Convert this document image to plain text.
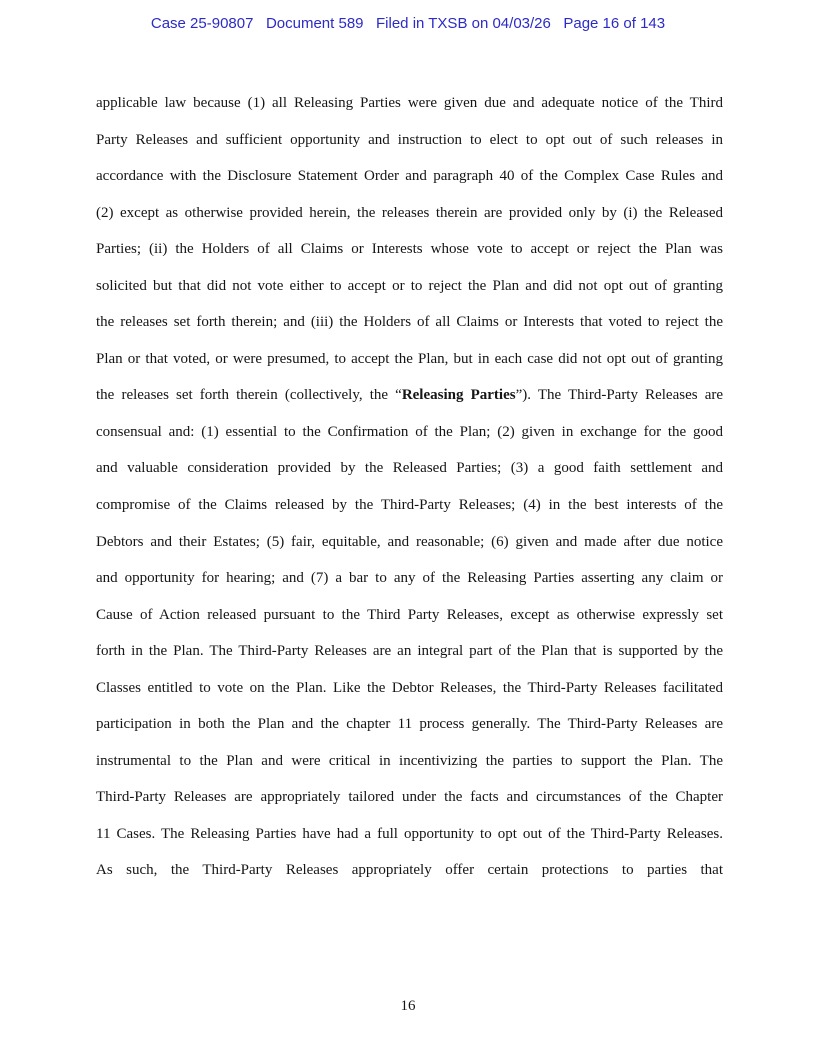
Case 25-90807   Document 589   Filed in TXSB on 04/03/26   Page 16 of 143
applicable law because (1) all Releasing Parties were given due and adequate notice of the Third
Party Releases and sufficient opportunity and instruction to elect to opt out of such releases in
accordance with the Disclosure Statement Order and paragraph 40 of the Complex Case Rules and
(2) except as otherwise provided herein, the releases therein are provided only by (i) the Released
Parties; (ii) the Holders of all Claims or Interests whose vote to accept or reject the Plan was
solicited but that did not vote either to accept or to reject the Plan and did not opt out of granting
the releases set forth therein; and (iii) the Holders of all Claims or Interests that voted to reject the
Plan or that voted, or were presumed, to accept the Plan, but in each case did not opt out of granting
the releases set forth therein (collectively, the “Releasing Parties”). The Third-Party Releases are
consensual and: (1) essential to the Confirmation of the Plan; (2) given in exchange for the good
and valuable consideration provided by the Released Parties; (3) a good faith settlement and
compromise of the Claims released by the Third-Party Releases; (4) in the best interests of the
Debtors and their Estates; (5) fair, equitable, and reasonable; (6) given and made after due notice
and opportunity for hearing; and (7) a bar to any of the Releasing Parties asserting any claim or
Cause of Action released pursuant to the Third Party Releases, except as otherwise expressly set
forth in the Plan. The Third-Party Releases are an integral part of the Plan that is supported by the
Classes entitled to vote on the Plan. Like the Debtor Releases, the Third-Party Releases facilitated
participation in both the Plan and the chapter 11 process generally. The Third-Party Releases are
instrumental to the Plan and were critical in incentivizing the parties to support the Plan. The
Third-Party Releases are appropriately tailored under the facts and circumstances of the Chapter
11 Cases. The Releasing Parties have had a full opportunity to opt out of the Third-Party Releases.
As such, the Third-Party Releases appropriately offer certain protections to parties that
16
